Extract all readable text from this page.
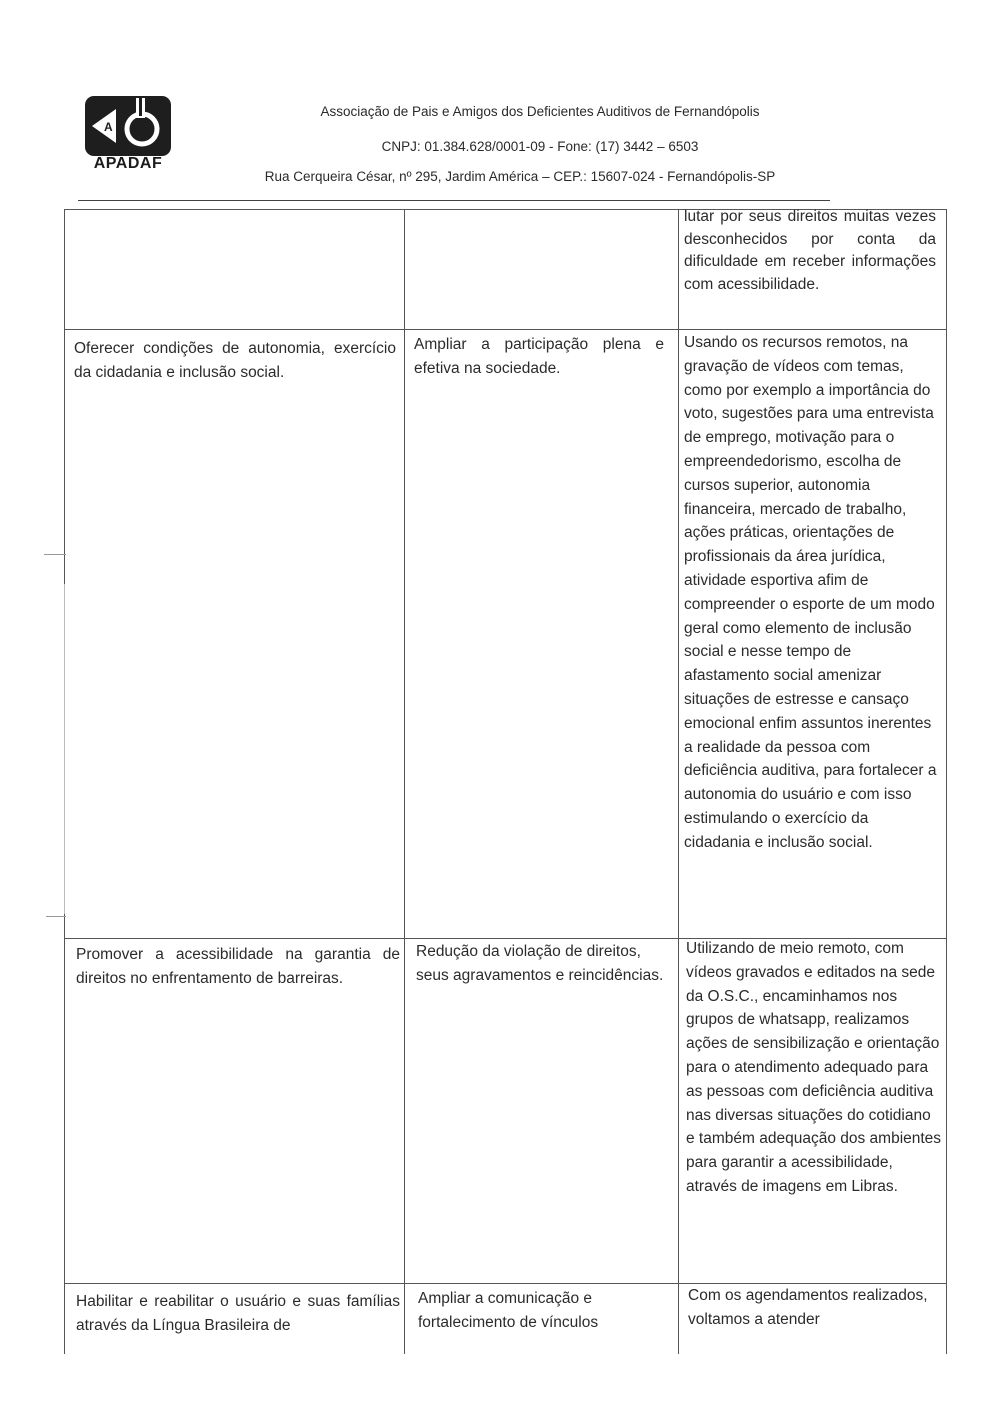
A
APADAF
Associação de Pais e Amigos dos Deficientes Auditivos de Fernandópolis
CNPJ: 01.384.628/0001-09 - Fone: (17) 3442 – 6503
Rua Cerqueira César, nº 295, Jardim América – CEP.: 15607-024 - Fernandópolis-SP
lutar por seus direitos muitas vezes desconhecidos por conta da dificuldade em receber informações com acessibilidade.
Oferecer condições de autonomia, exercício da cidadania e inclusão social.
Ampliar a participação plena e efetiva na sociedade.
Usando os recursos remotos, na gravação de vídeos com temas, como por exemplo a importância do voto, sugestões para uma entrevista de emprego, motivação para o empreendedorismo, escolha de cursos superior, autonomia financeira, mercado de trabalho, ações práticas, orientações de profissionais da área jurídica, atividade esportiva afim de compreender o esporte de um modo geral como elemento de inclusão social e nesse tempo de afastamento social amenizar situações de estresse e cansaço emocional enfim assuntos inerentes a realidade da pessoa com deficiência auditiva, para fortalecer a autonomia do usuário e com isso estimulando o exercício da cidadania e inclusão social.
Promover a acessibilidade na garantia de direitos no enfrentamento de barreiras.
Redução da violação de direitos, seus agravamentos e reincidências.
Utilizando de meio remoto, com vídeos gravados e editados na sede da O.S.C., encaminhamos nos grupos de whatsapp, realizamos ações de sensibilização e orientação para o atendimento adequado para as pessoas com deficiência auditiva nas diversas situações do cotidiano e também adequação dos ambientes para garantir a acessibilidade, através de imagens em Libras.
Habilitar e reabilitar o usuário e suas famílias através da Língua Brasileira de
Ampliar a comunicação e fortalecimento de vínculos
Com os agendamentos realizados, voltamos a atender
